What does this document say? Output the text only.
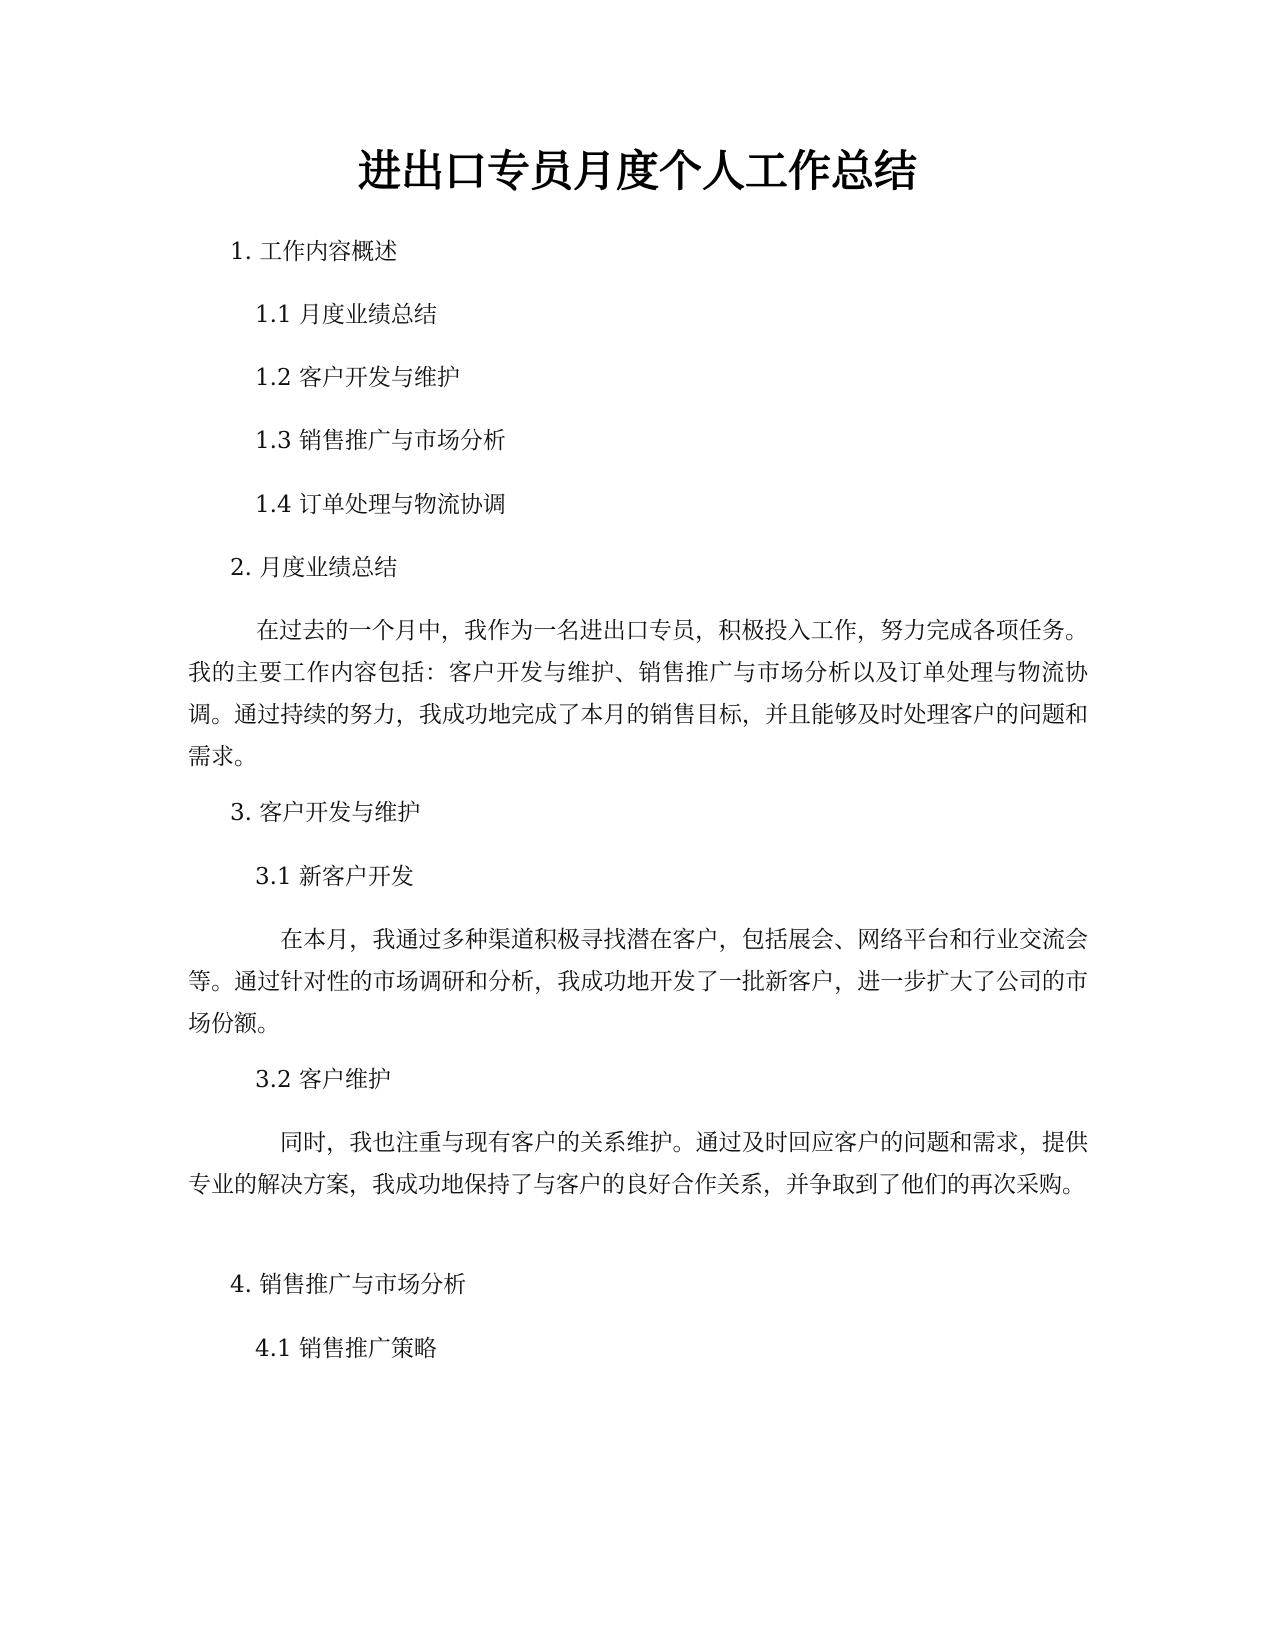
进出口专员月度个人工作总结

1. 工作内容概述

1.1 月度业绩总结

1.2 客户开发与维护

1.3 销售推广与市场分析

1.4 订单处理与物流协调

2. 月度业绩总结

在过去的一个月中，我作为一名进出口专员，积极投入工作，努力完成各项任务。我的主要工作内容包括：客户开发与维护、销售推广与市场分析以及订单处理与物流协调。通过持续的努力，我成功地完成了本月的销售目标，并且能够及时处理客户的问题和需求。

3. 客户开发与维护

3.1 新客户开发

在本月，我通过多种渠道积极寻找潜在客户，包括展会、网络平台和行业交流会等。通过针对性的市场调研和分析，我成功地开发了一批新客户，进一步扩大了公司的市场份额。

3.2 客户维护

同时，我也注重与现有客户的关系维护。通过及时回应客户的问题和需求，提供专业的解决方案，我成功地保持了与客户的良好合作关系，并争取到了他们的再次采购。

4. 销售推广与市场分析

4.1 销售推广策略
